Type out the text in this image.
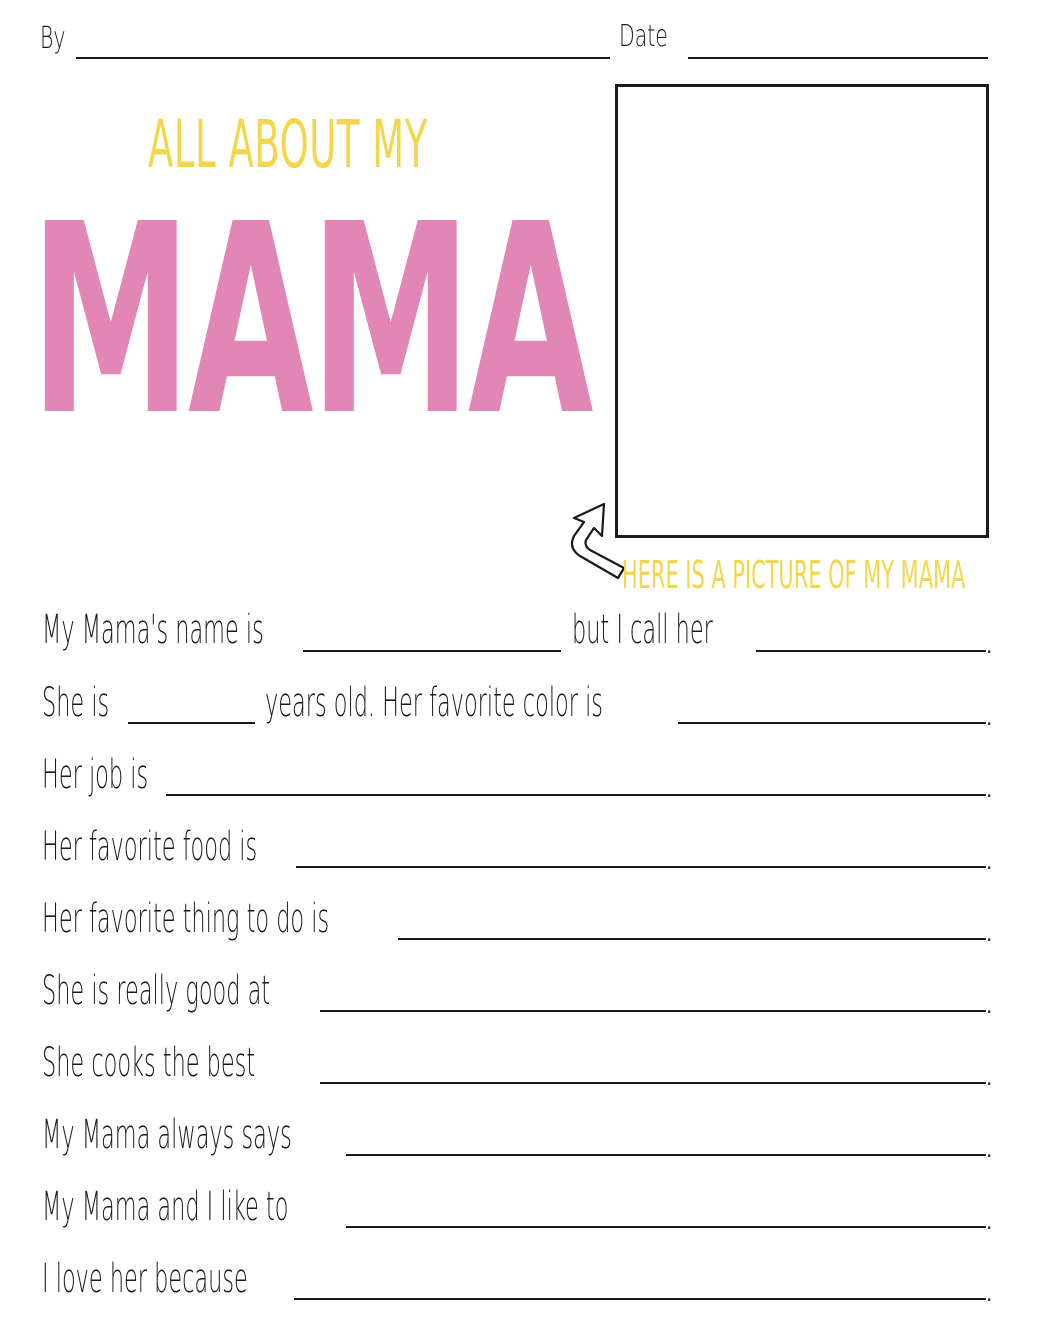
By	Date
ALL ABOUT MY
MAMA
HERE IS A PICTURE OF MY MAMA
My Mama's name is	but I call her	.
She is	years old. Her favorite color is	.
Her job is	.
Her favorite food is	.
Her favorite thing to do is	.
She is really good at	.
She cooks the best	.
My Mama always says	.
My Mama and I like to	.
I love her because	.
